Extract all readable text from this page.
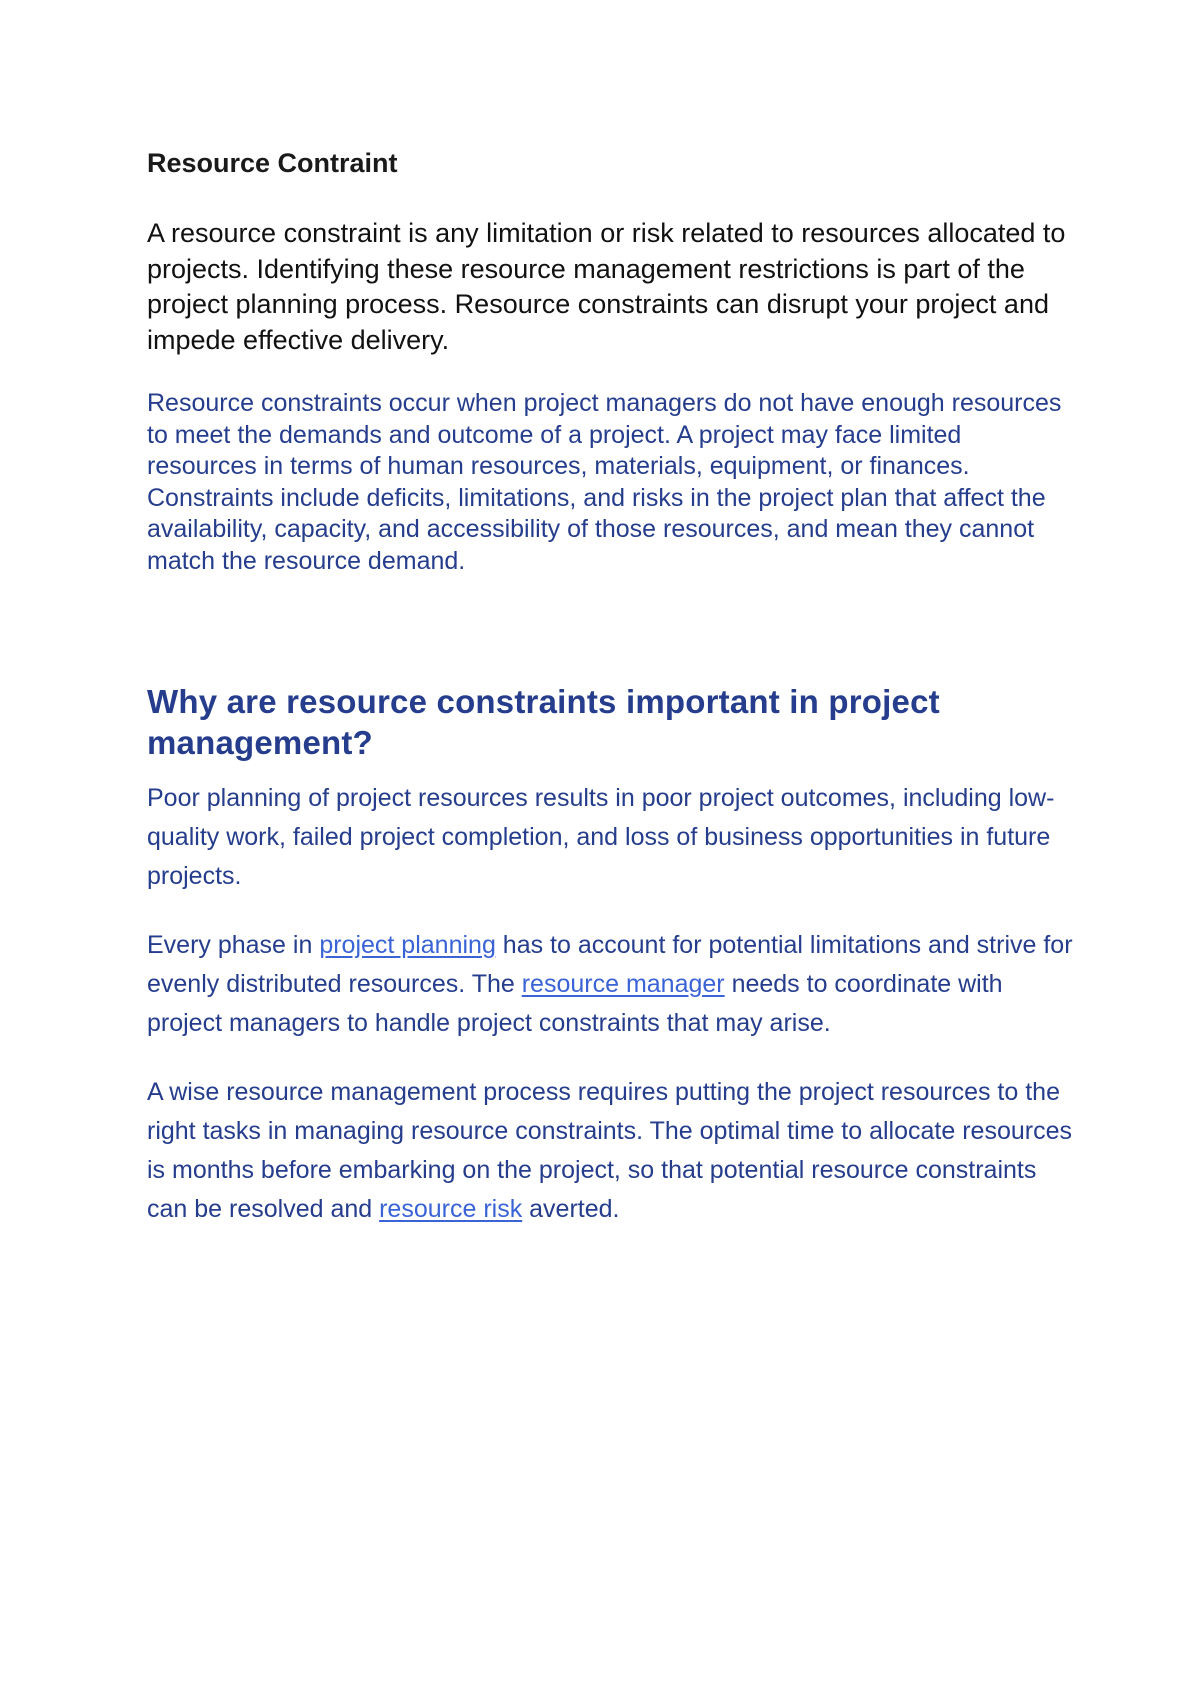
Resource Contraint

A resource constraint is any limitation or risk related to resources allocated to projects. Identifying these resource management restrictions is part of the project planning process. Resource constraints can disrupt your project and impede effective delivery.

Resource constraints occur when project managers do not have enough resources to meet the demands and outcome of a project. A project may face limited resources in terms of human resources, materials, equipment, or finances. Constraints include deficits, limitations, and risks in the project plan that affect the availability, capacity, and accessibility of those resources, and mean they cannot match the resource demand.

Why are resource constraints important in project management?

Poor planning of project resources results in poor project outcomes, including low-quality work, failed project completion, and loss of business opportunities in future projects.

Every phase in project planning has to account for potential limitations and strive for evenly distributed resources. The resource manager needs to coordinate with project managers to handle project constraints that may arise.

A wise resource management process requires putting the project resources to the right tasks in managing resource constraints. The optimal time to allocate resources is months before embarking on the project, so that potential resource constraints can be resolved and resource risk averted.
